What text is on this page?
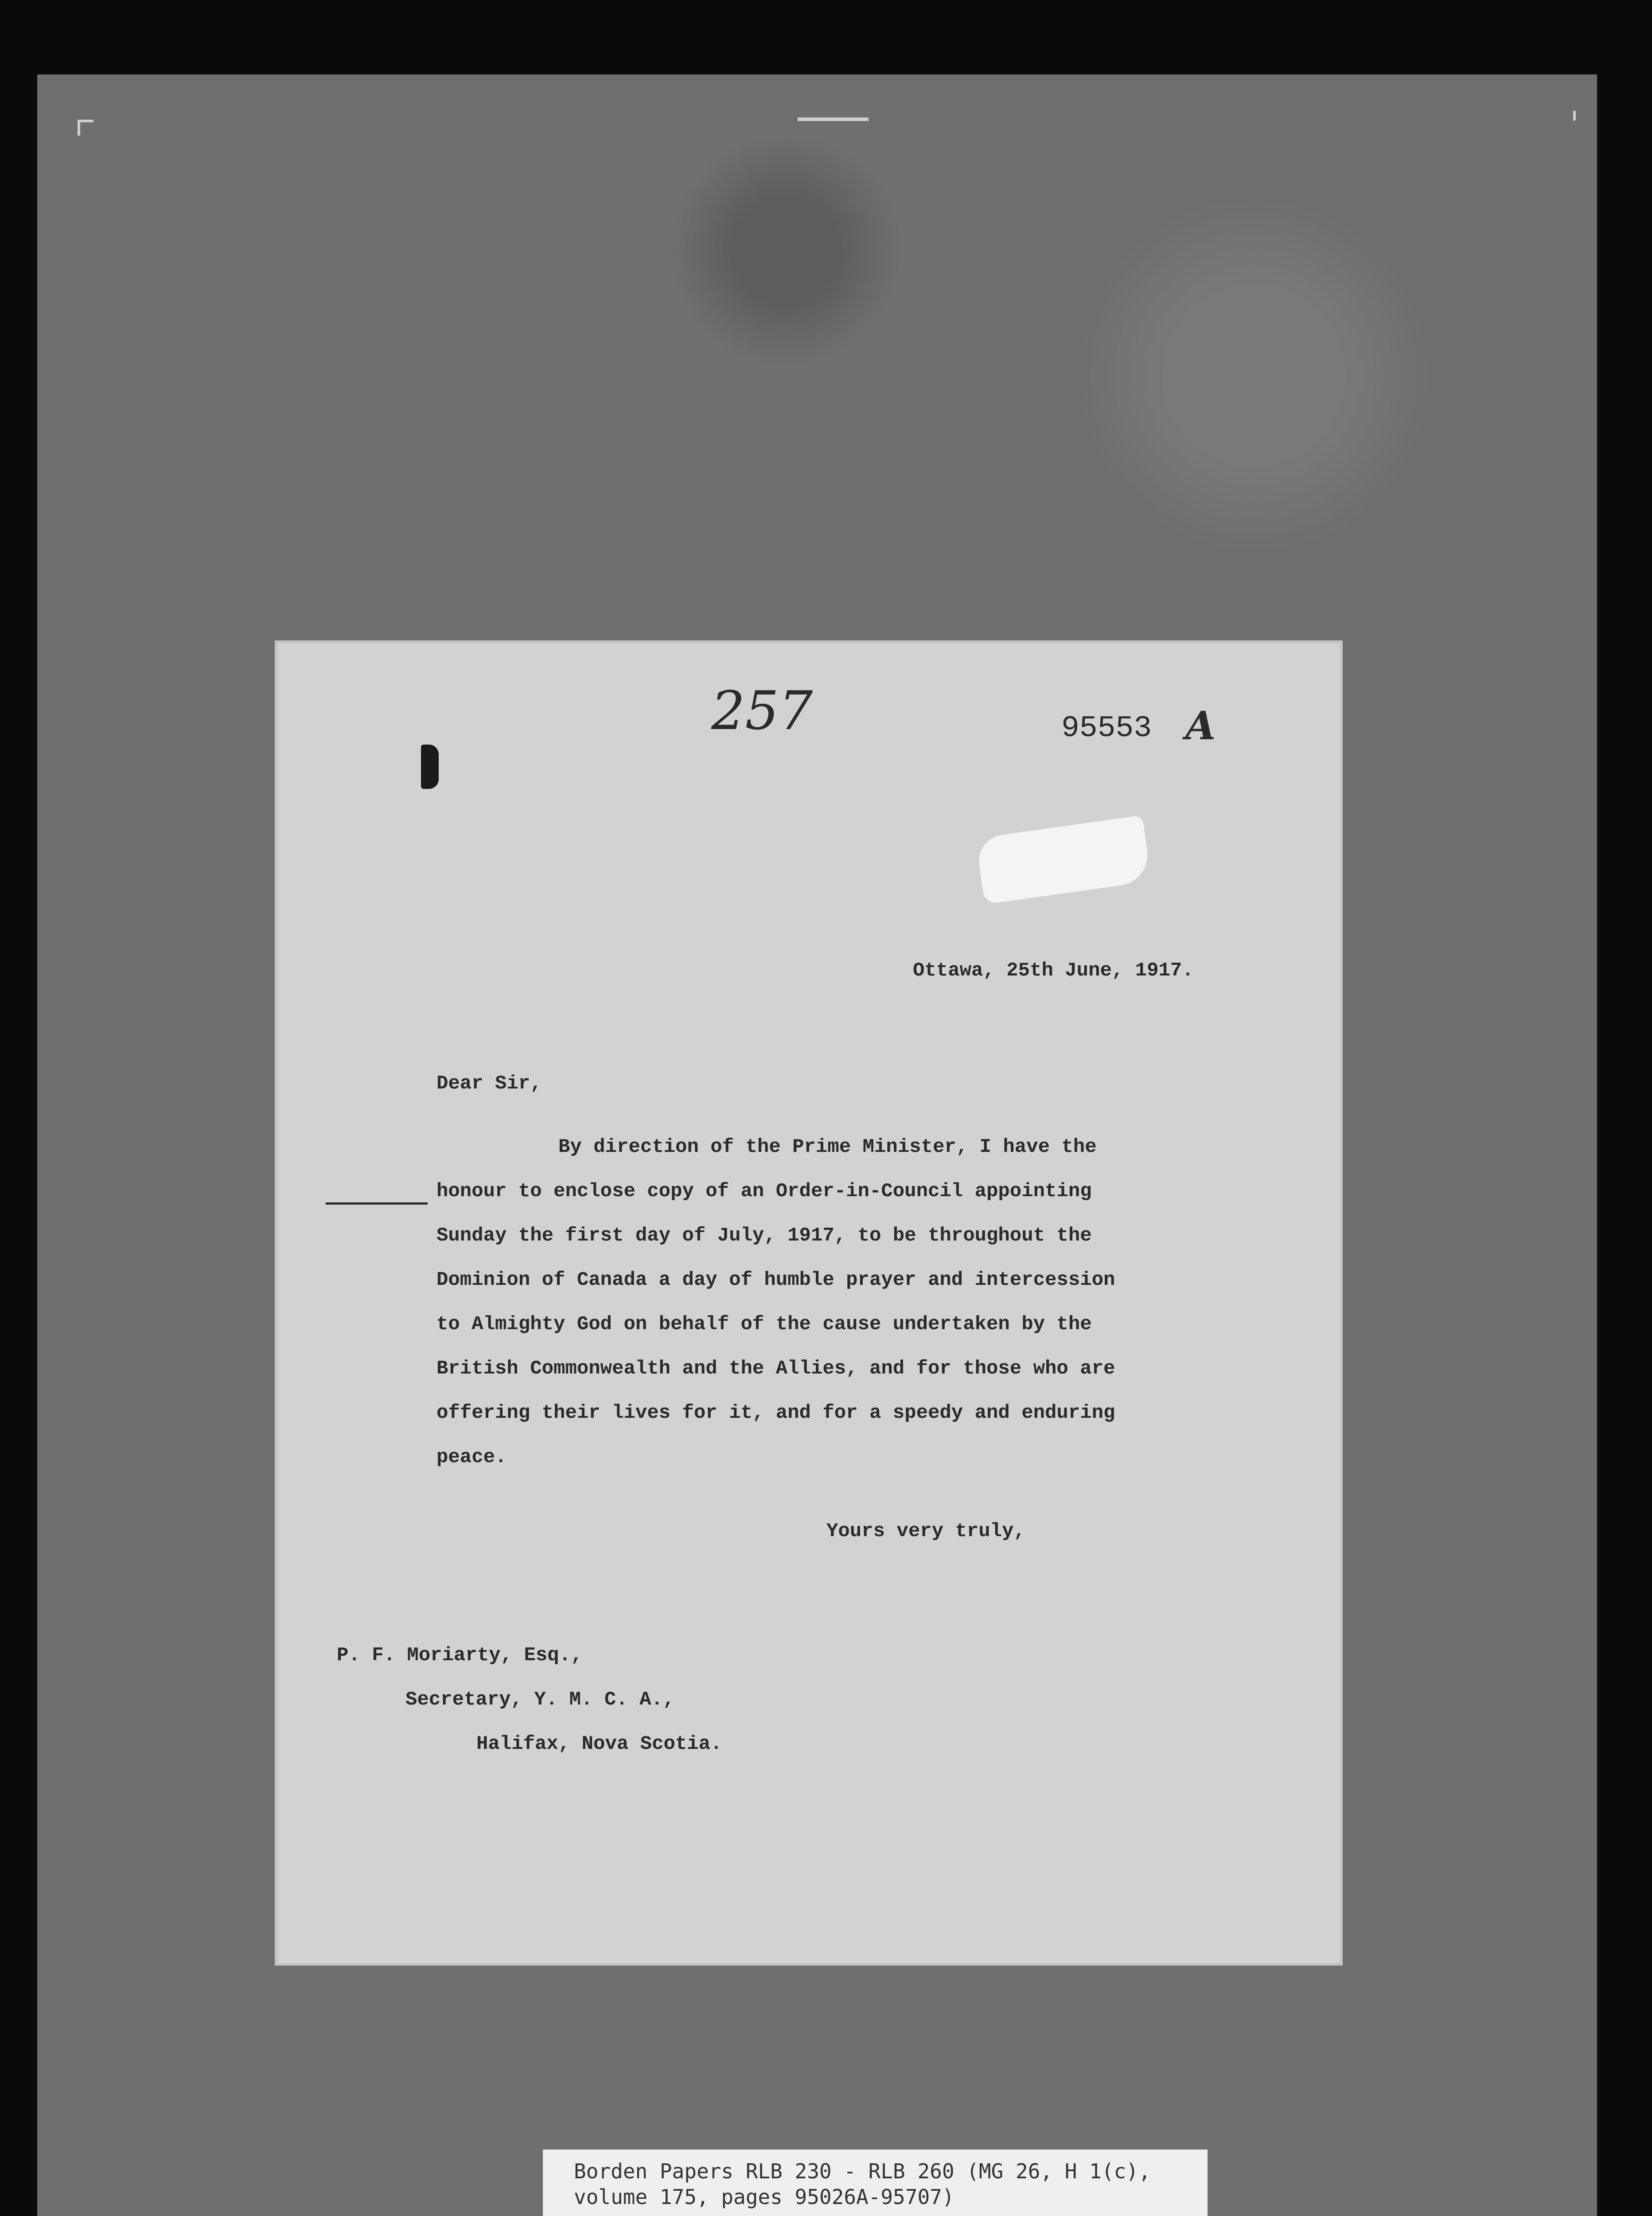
257	95553 A
Ottawa, 25th June, 1917.
Dear Sir,
By direction of the Prime Minister, I have the
honour to enclose copy of an Order-in-Council appointing
Sunday the first day of July, 1917, to be throughout the
Dominion of Canada a day of humble prayer and intercession
to Almighty God on behalf of the cause undertaken by the
British Commonwealth and the Allies, and for those who are
offering their lives for it, and for a speedy and enduring
peace.
Yours very truly,
P. F. Moriarty, Esq.,
Secretary, Y. M. C. A.,
Halifax, Nova Scotia.
Borden Papers RLB 230 - RLB 260 (MG 26, H 1(c),
volume 175, pages 95026A-95707)
